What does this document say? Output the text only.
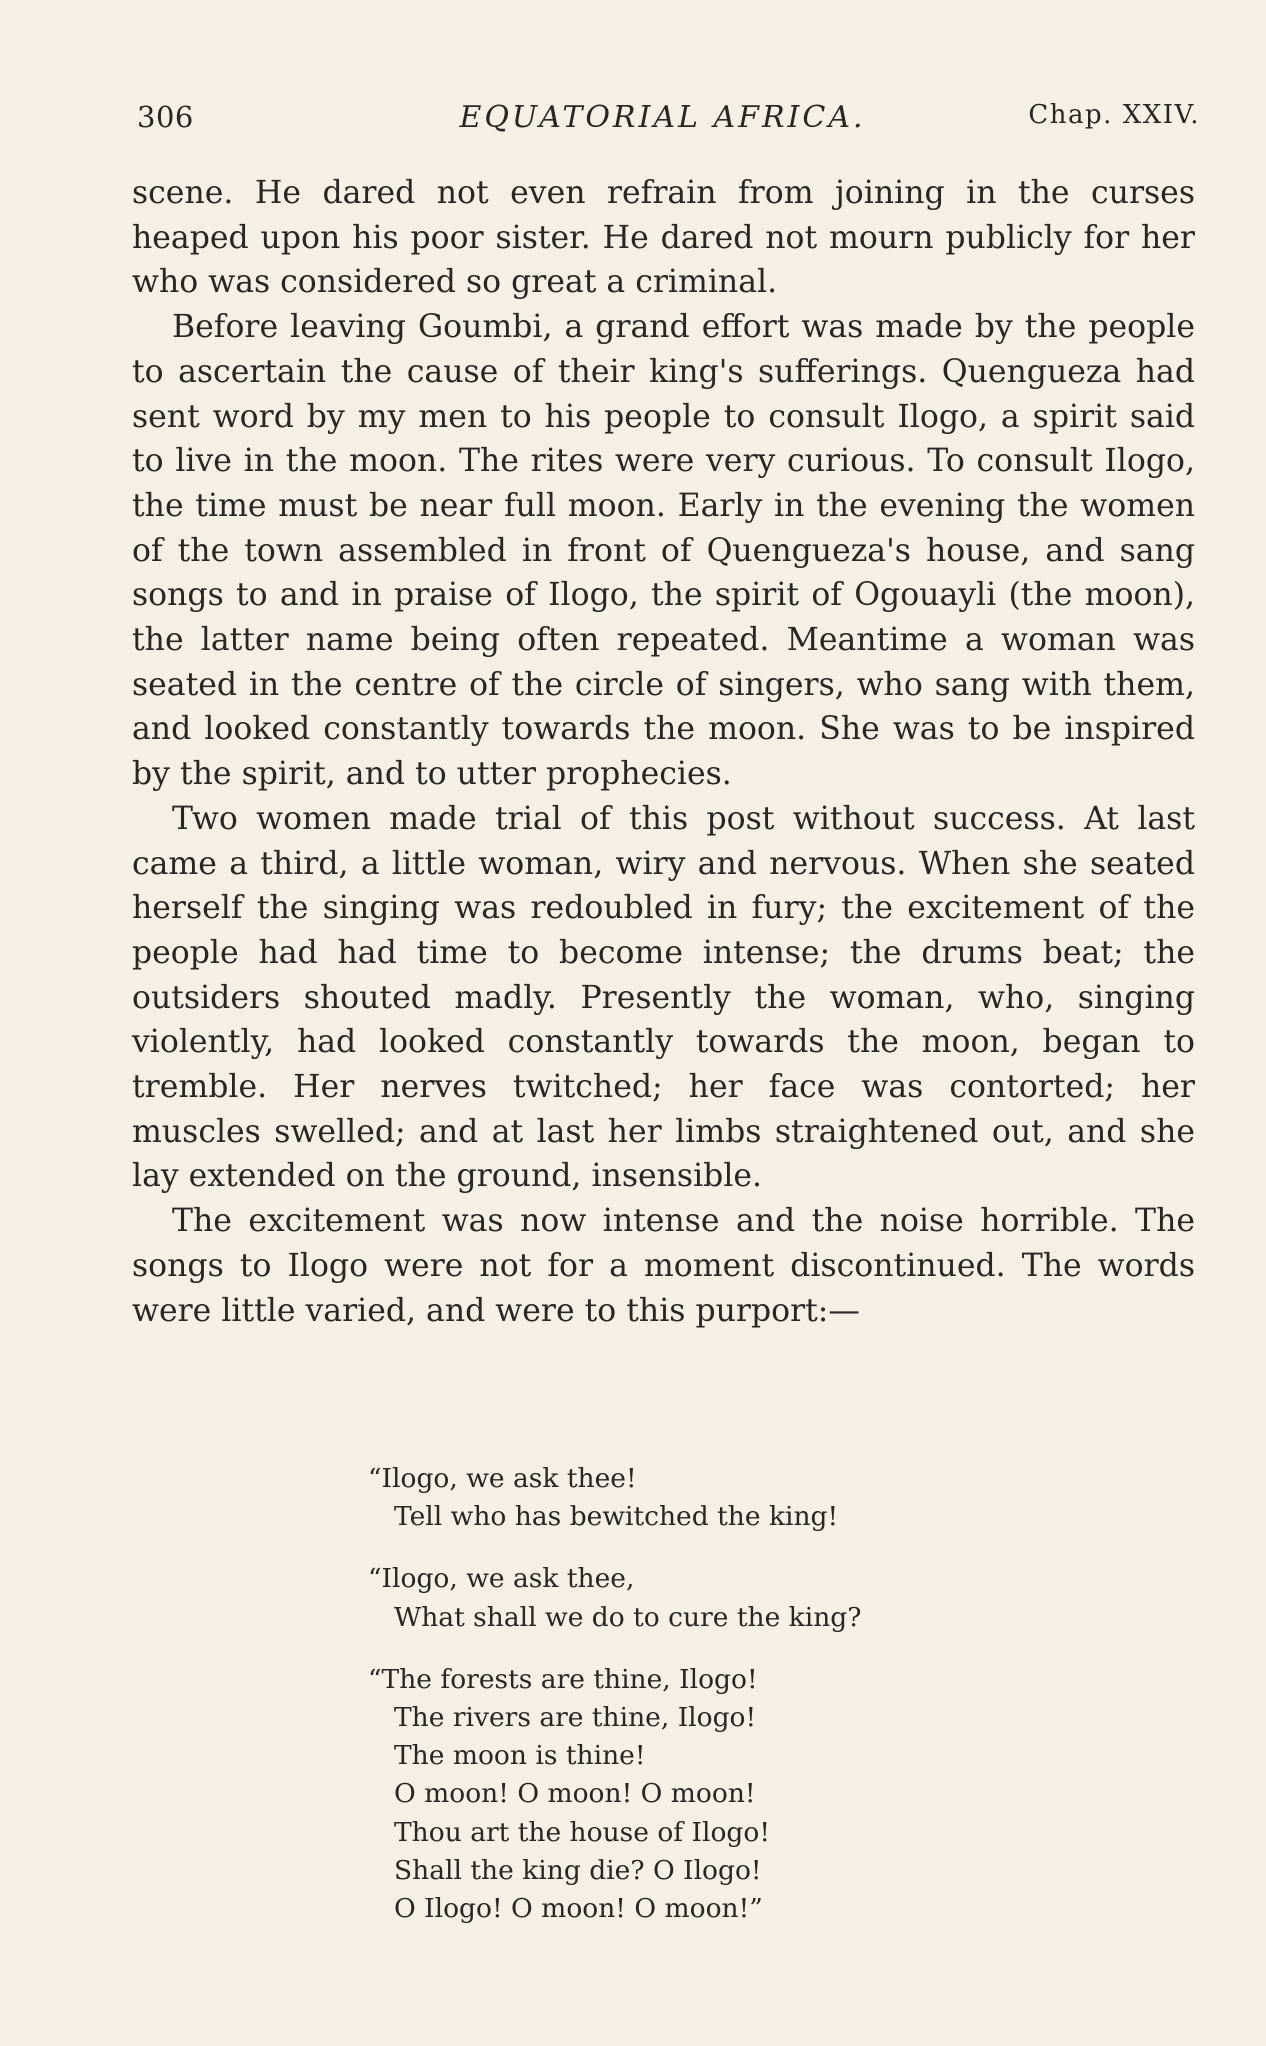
306	EQUATORIAL AFRICA.	Chap. XXIV.

scene. He dared not even refrain from joining in the curses heaped upon his poor sister. He dared not mourn publicly for her who was considered so great a criminal.

Before leaving Goumbi, a grand effort was made by the people to ascertain the cause of their king's sufferings. Quengueza had sent word by my men to his people to consult Ilogo, a spirit said to live in the moon. The rites were very curious. To consult Ilogo, the time must be near full moon. Early in the evening the women of the town assembled in front of Quengueza's house, and sang songs to and in praise of Ilogo, the spirit of Ogouayli (the moon), the latter name being often repeated. Meantime a woman was seated in the centre of the circle of singers, who sang with them, and looked constantly towards the moon. She was to be inspired by the spirit, and to utter prophecies.

Two women made trial of this post without success. At last came a third, a little woman, wiry and nervous. When she seated herself the singing was redoubled in fury; the excitement of the people had had time to become intense; the drums beat; the outsiders shouted madly. Presently the woman, who, singing violently, had looked constantly towards the moon, began to tremble. Her nerves twitched; her face was contorted; her muscles swelled; and at last her limbs straightened out, and she lay extended on the ground, insensible.

The excitement was now intense and the noise horrible. The songs to Ilogo were not for a moment discontinued. The words were little varied, and were to this purport:—

“Ilogo, we ask thee!
Tell who has bewitched the king!
“Ilogo, we ask thee,
What shall we do to cure the king?
“The forests are thine, Ilogo!
The rivers are thine, Ilogo!
The moon is thine!
O moon! O moon! O moon!
Thou art the house of Ilogo!
Shall the king die? O Ilogo!
O Ilogo! O moon! O moon!”
